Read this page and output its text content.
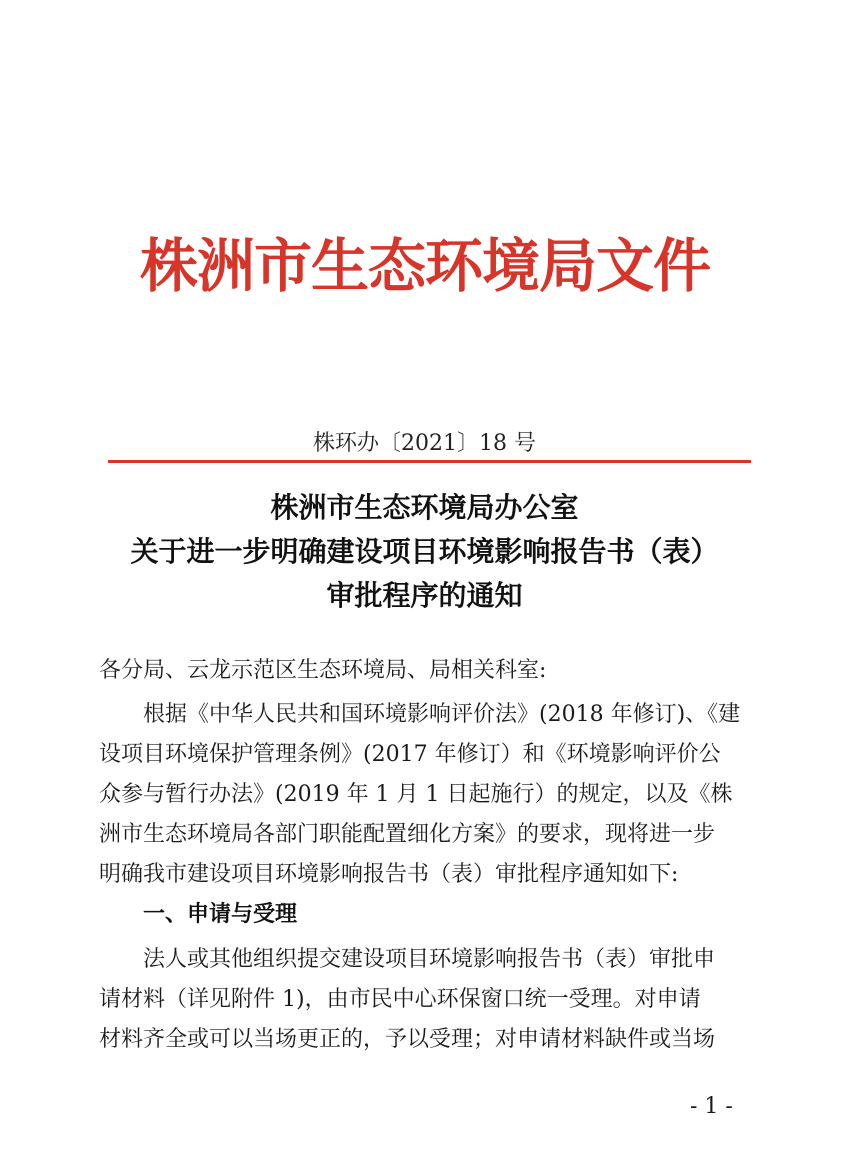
株洲市生态环境局文件
株环办〔2021〕18 号
株洲市生态环境局办公室
关于进一步明确建设项目环境影响报告书（表）
审批程序的通知
各分局、云龙示范区生态环境局、局相关科室:
根据《中华人民共和国环境影响评价法》(2018 年修订)、《建
设项目环境保护管理条例》(2017 年修订）和《环境影响评价公
众参与暂行办法》(2019 年 1 月 1 日起施行）的规定，以及《株
洲市生态环境局各部门职能配置细化方案》的要求，现将进一步
明确我市建设项目环境影响报告书（表）审批程序通知如下:
一、申请与受理
法人或其他组织提交建设项目环境影响报告书（表）审批申
请材料（详见附件 1)，由市民中心环保窗口统一受理。对申请
材料齐全或可以当场更正的，予以受理；对申请材料缺件或当场
- 1 -
